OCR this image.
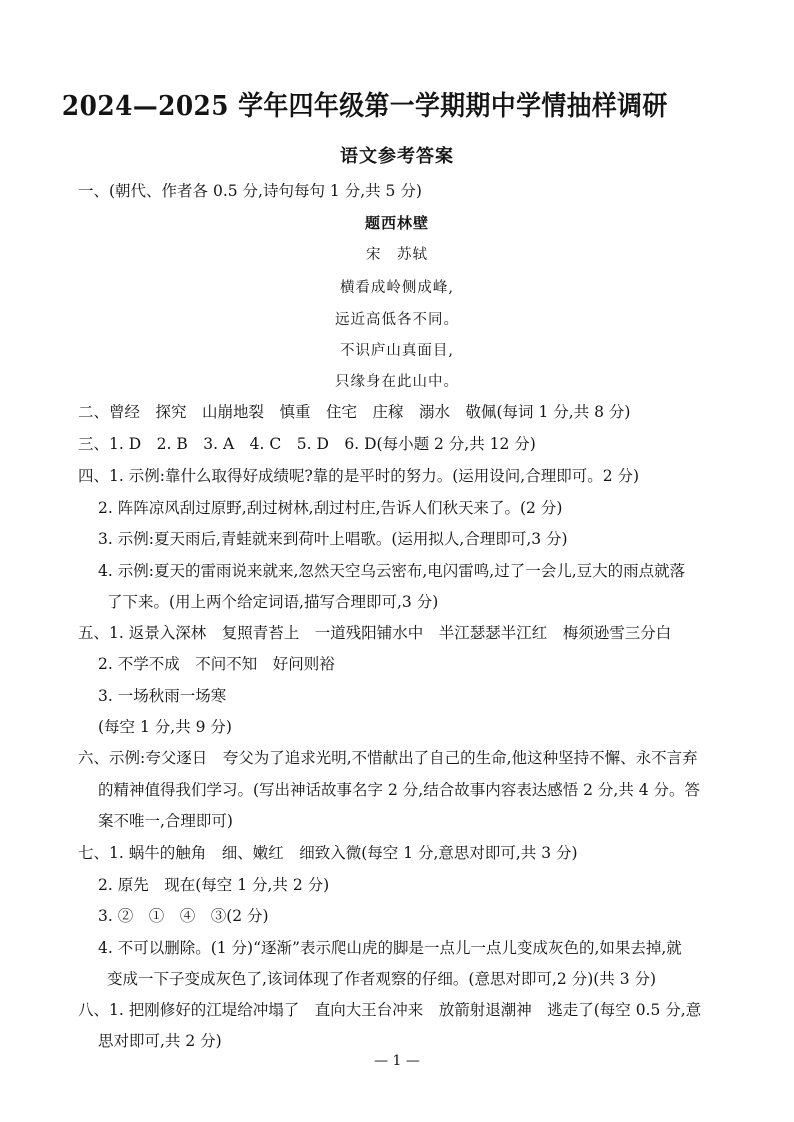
2024—2025 学年四年级第一学期期中学情抽样调研
语文参考答案
一、(朝代、作者各 0.5 分,诗句每句 1 分,共 5 分)
题西林壁
宋　苏轼
横看成岭侧成峰,
远近高低各不同。
不识庐山真面目,
只缘身在此山中。
二、曾经　探究　山崩地裂　慎重　住宅　庄稼　溺水　敬佩(每词 1 分,共 8 分)
三、1. D　2. B　3. A　4. C　5. D　6. D(每小题 2 分,共 12 分)
四、1. 示例:靠什么取得好成绩呢?靠的是平时的努力。(运用设问,合理即可。2 分)
2. 阵阵凉风刮过原野,刮过树林,刮过村庄,告诉人们秋天来了。(2 分)
3. 示例:夏天雨后,青蛙就来到荷叶上唱歌。(运用拟人,合理即可,3 分)
4. 示例:夏天的雷雨说来就来,忽然天空乌云密布,电闪雷鸣,过了一会儿,豆大的雨点就落
了下来。(用上两个给定词语,描写合理即可,3 分)
五、1. 返景入深林　复照青苔上　一道残阳铺水中　半江瑟瑟半江红　梅须逊雪三分白
2. 不学不成　不问不知　好问则裕
3. 一场秋雨一场寒
(每空 1 分,共 9 分)
六、示例:夸父逐日　夸父为了追求光明,不惜献出了自己的生命,他这种坚持不懈、永不言弃
的精神值得我们学习。(写出神话故事名字 2 分,结合故事内容表达感悟 2 分,共 4 分。答
案不唯一,合理即可)
七、1. 蜗牛的触角　细、嫩红　细致入微(每空 1 分,意思对即可,共 3 分)
2. 原先　现在(每空 1 分,共 2 分)
3. ②　①　④　③(2 分)
4. 不可以删除。(1 分)“逐渐”表示爬山虎的脚是一点儿一点儿变成灰色的,如果去掉,就
变成一下子变成灰色了,该词体现了作者观察的仔细。(意思对即可,2 分)(共 3 分)
八、1. 把刚修好的江堤给冲塌了　直向大王台冲来　放箭射退潮神　逃走了(每空 0.5 分,意
思对即可,共 2 分)
— 1 —
